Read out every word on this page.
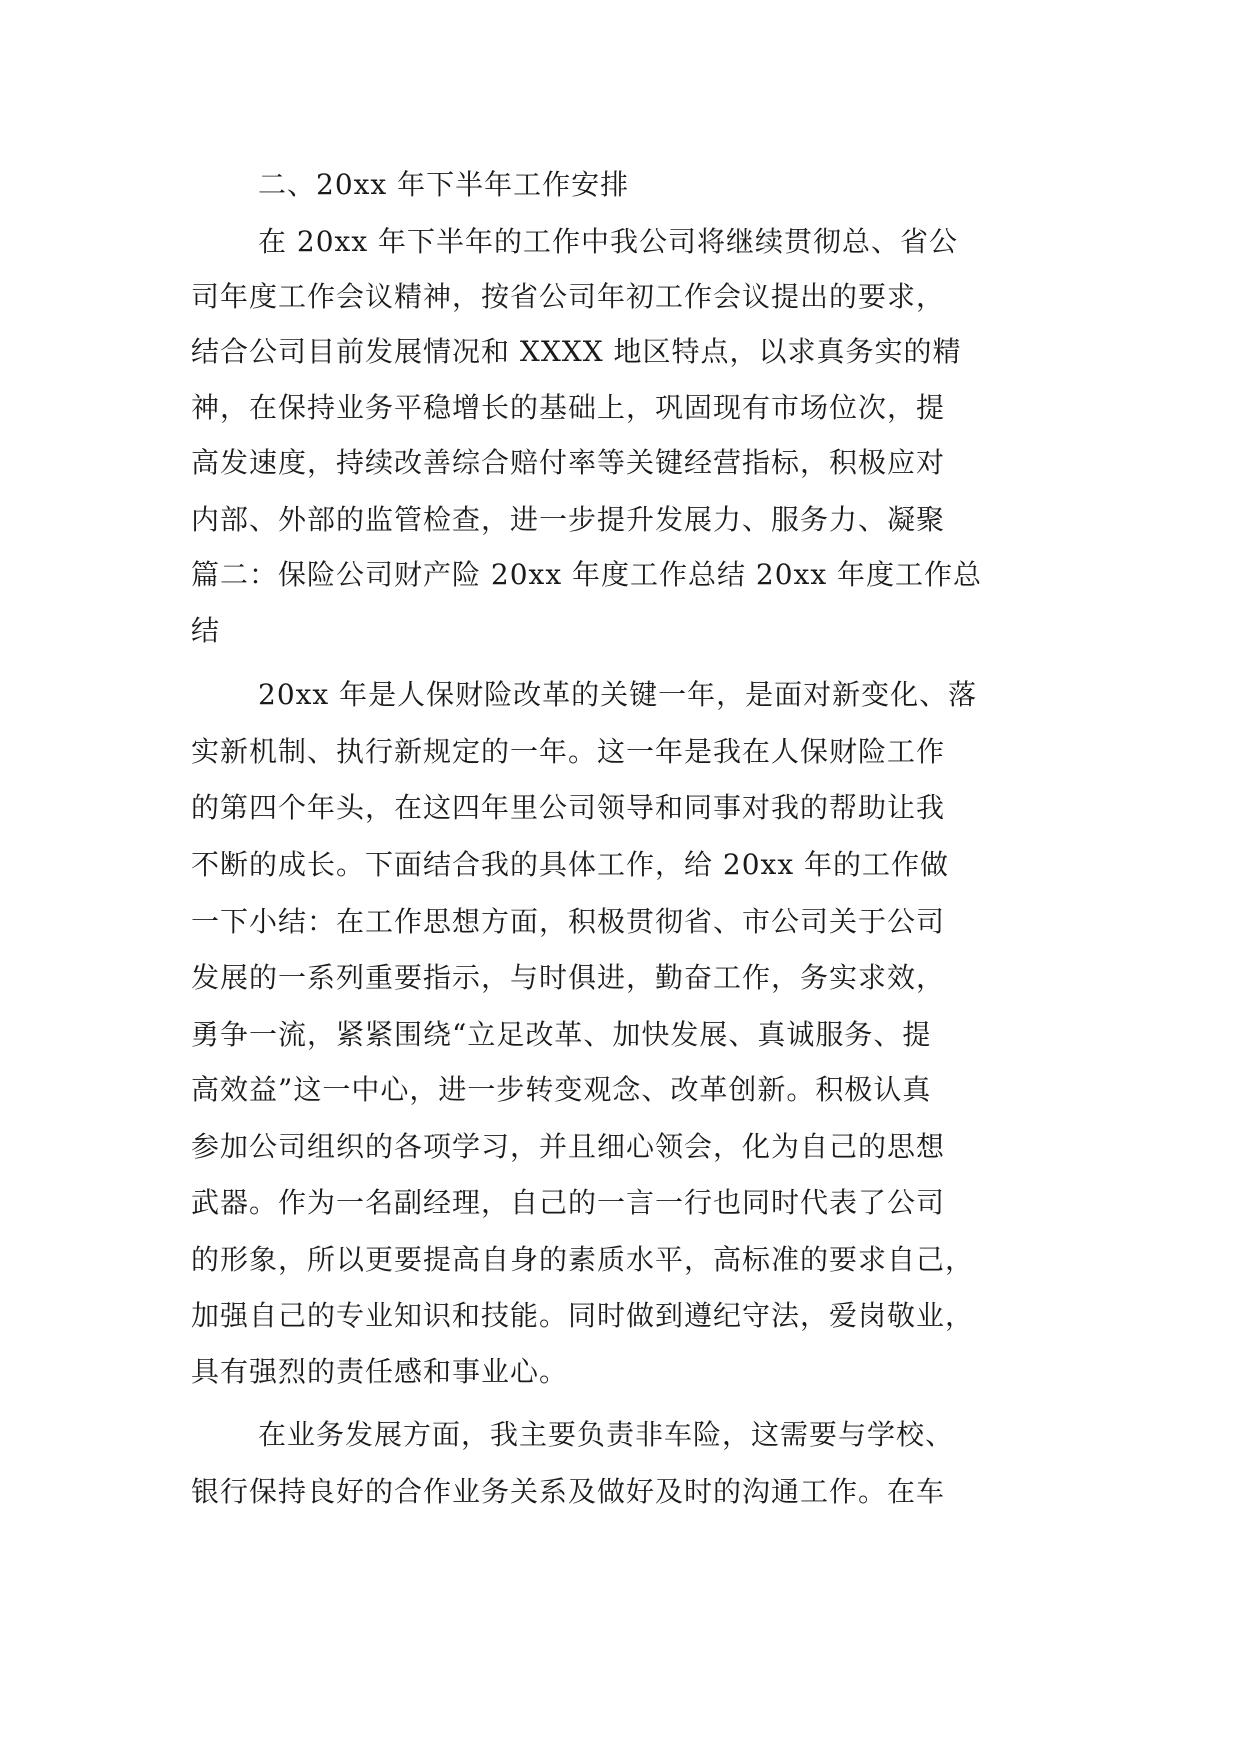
二、20xx 年下半年工作安排
在 20xx 年下半年的工作中我公司将继续贯彻总、省公
司年度工作会议精神，按省公司年初工作会议提出的要求，
结合公司目前发展情况和 XXXX 地区特点，以求真务实的精
神，在保持业务平稳增长的基础上，巩固现有市场位次，提
高发速度，持续改善综合赔付率等关键经营指标，积极应对
内部、外部的监管检查，进一步提升发展力、服务力、凝聚
篇二：保险公司财产险 20xx 年度工作总结 20xx 年度工作总
结
20xx 年是人保财险改革的关键一年，是面对新变化、落
实新机制、执行新规定的一年。这一年是我在人保财险工作
的第四个年头，在这四年里公司领导和同事对我的帮助让我
不断的成长。下面结合我的具体工作，给 20xx 年的工作做
一下小结：在工作思想方面，积极贯彻省、市公司关于公司
发展的一系列重要指示，与时俱进，勤奋工作，务实求效，
勇争一流，紧紧围绕“立足改革、加快发展、真诚服务、提
高效益”这一中心，进一步转变观念、改革创新。积极认真
参加公司组织的各项学习，并且细心领会，化为自己的思想
武器。作为一名副经理，自己的一言一行也同时代表了公司
的形象，所以更要提高自身的素质水平，高标准的要求自己，
加强自己的专业知识和技能。同时做到遵纪守法，爱岗敬业，
具有强烈的责任感和事业心。
在业务发展方面，我主要负责非车险，这需要与学校、
银行保持良好的合作业务关系及做好及时的沟通工作。在车
